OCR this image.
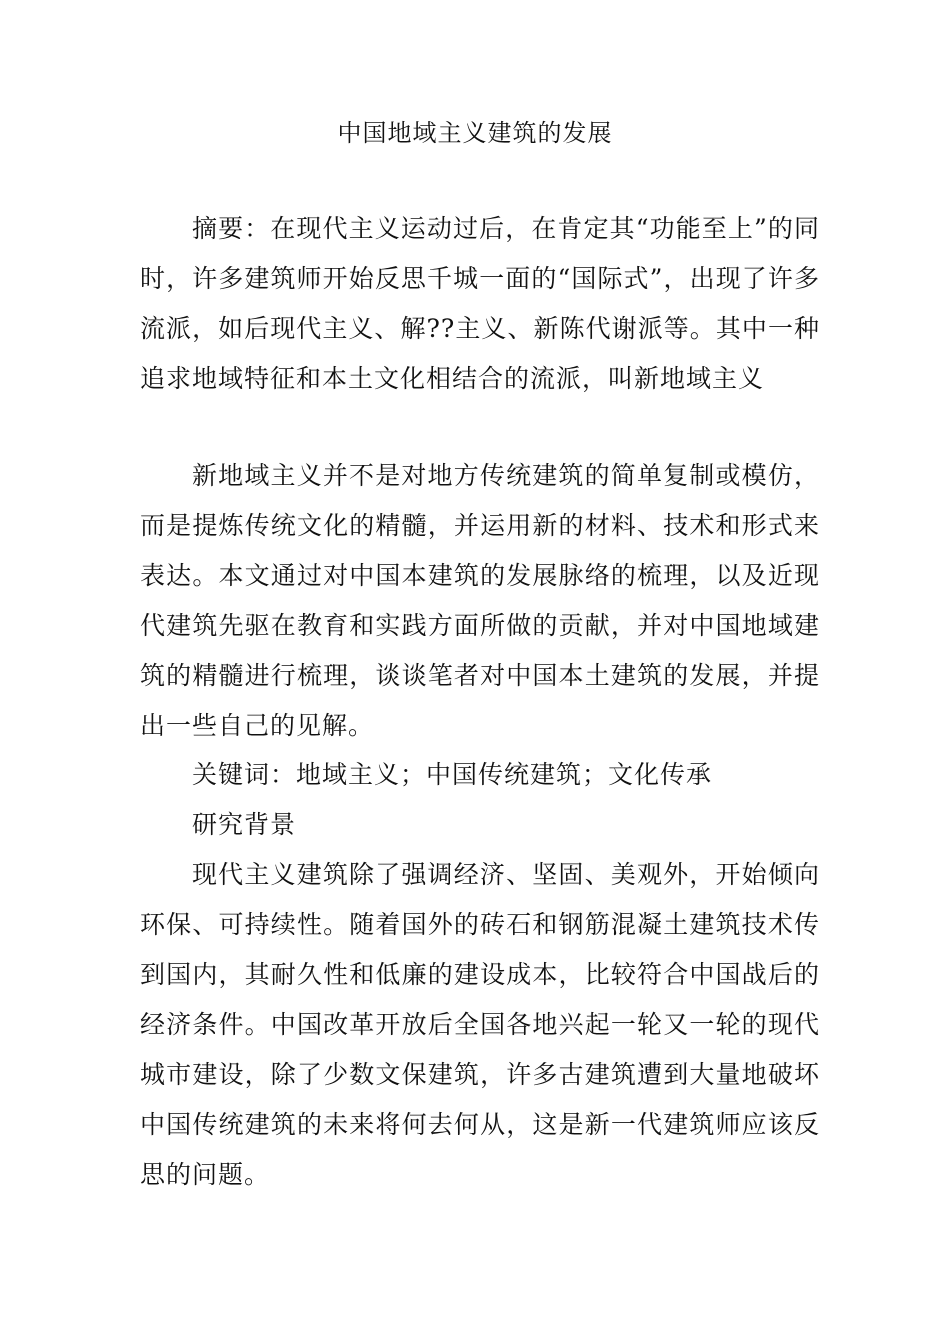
中国地域主义建筑的发展

摘要：在现代主义运动过后，在肯定其“功能至上”的同时，许多建筑师开始反思千城一面的“国际式”，出现了许多流派，如后现代主义、解??主义、新陈代谢派等。其中一种追求地域特征和本土文化相结合的流派，叫新地域主义

新地域主义并不是对地方传统建筑的简单复制或模仿，而是提炼传统文化的精髓，并运用新的材料、技术和形式来表达。本文通过对中国本建筑的发展脉络的梳理，以及近现代建筑先驱在教育和实践方面所做的贡献，并对中国地域建筑的精髓进行梳理，谈谈笔者对中国本土建筑的发展，并提出一些自己的见解。

关键词：地域主义；中国传统建筑；文化传承
研究背景

现代主义建筑除了强调经济、坚固、美观外，开始倾向环保、可持续性。随着国外的砖石和钢筋混凝土建筑技术传到国内，其耐久性和低廉的建设成本，比较符合中国战后的经济条件。中国改革开放后全国各地兴起一轮又一轮的现代城市建设，除了少数文保建筑，许多古建筑遭到大量地破坏中国传统建筑的未来将何去何从，这是新一代建筑师应该反思的问题。
